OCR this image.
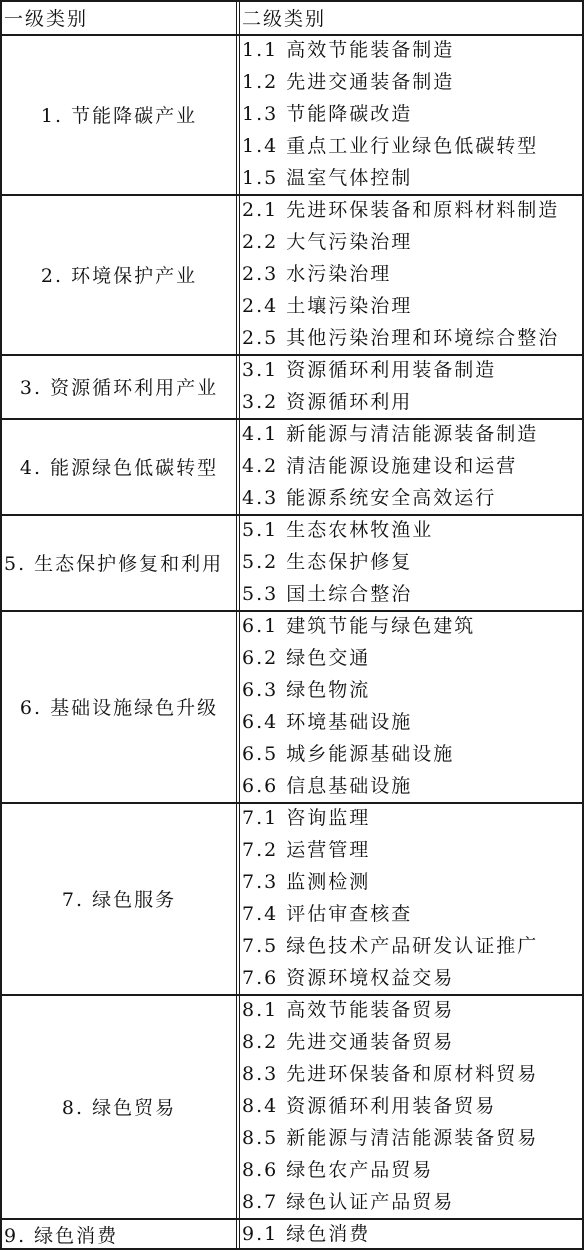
一级类别	二级类别
1. 节能降碳产业
1.1 高效节能装备制造
1.2 先进交通装备制造
1.3 节能降碳改造
1.4 重点工业行业绿色低碳转型
1.5 温室气体控制
2. 环境保护产业
2.1 先进环保装备和原料材料制造
2.2 大气污染治理
2.3 水污染治理
2.4 土壤污染治理
2.5 其他污染治理和环境综合整治
3. 资源循环利用产业
3.1 资源循环利用装备制造
3.2 资源循环利用
4. 能源绿色低碳转型
4.1 新能源与清洁能源装备制造
4.2 清洁能源设施建设和运营
4.3 能源系统安全高效运行
5. 生态保护修复和利用
5.1 生态农林牧渔业
5.2 生态保护修复
5.3 国土综合整治
6. 基础设施绿色升级
6.1 建筑节能与绿色建筑
6.2 绿色交通
6.3 绿色物流
6.4 环境基础设施
6.5 城乡能源基础设施
6.6 信息基础设施
7. 绿色服务
7.1 咨询监理
7.2 运营管理
7.3 监测检测
7.4 评估审查核查
7.5 绿色技术产品研发认证推广
7.6 资源环境权益交易
8. 绿色贸易
8.1 高效节能装备贸易
8.2 先进交通装备贸易
8.3 先进环保装备和原材料贸易
8.4 资源循环利用装备贸易
8.5 新能源与清洁能源装备贸易
8.6 绿色农产品贸易
8.7 绿色认证产品贸易
9. 绿色消费	9.1 绿色消费
